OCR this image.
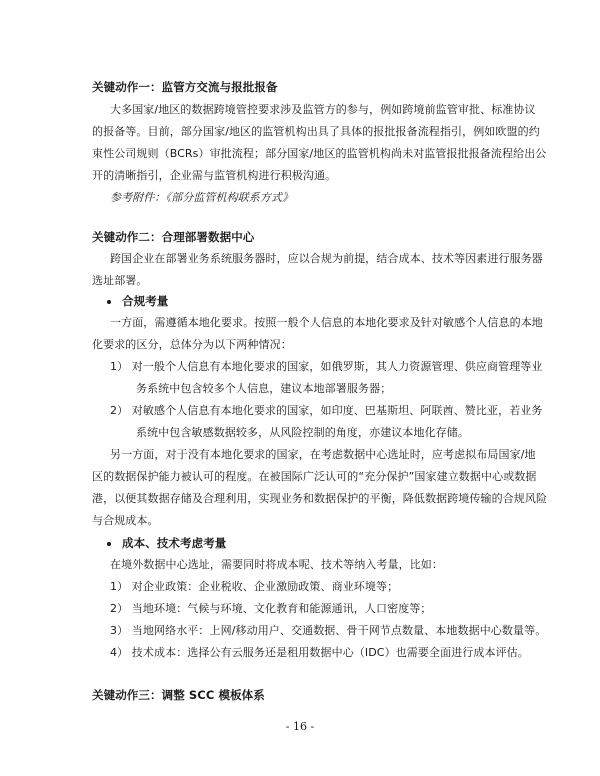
关键动作一：监管方交流与报批报备
大多国家/地区的数据跨境管控要求涉及监管方的参与，例如跨境前监管审批、标准协议
的报备等。目前，部分国家/地区的监管机构出具了具体的报批报备流程指引，例如欧盟的约
束性公司规则（BCRs）审批流程；部分国家/地区的监管机构尚未对监管报批报备流程给出公
开的清晰指引，企业需与监管机构进行积极沟通。
参考附件：《部分监管机构联系方式》
关键动作二：合理部署数据中心
跨国企业在部署业务系统服务器时，应以合规为前提，结合成本、技术等因素进行服务器
选址部署。
合规考量
一方面，需遵循本地化要求。按照一般个人信息的本地化要求及针对敏感个人信息的本地
化要求的区分，总体分为以下两种情况：
1） 对一般个人信息有本地化要求的国家，如俄罗斯，其人力资源管理、供应商管理等业
务系统中包含较多个人信息，建议本地部署服务器；
2） 对敏感个人信息有本地化要求的国家，如印度、巴基斯坦、阿联酋、赞比亚，若业务
系统中包含敏感数据较多，从风险控制的角度，亦建议本地化存储。
另一方面，对于没有本地化要求的国家，在考虑数据中心选址时，应考虑拟布局国家/地
区的数据保护能力被认可的程度。在被国际广泛认可的“充分保护”国家建立数据中心或数据
港，以便其数据存储及合理利用，实现业务和数据保护的平衡，降低数据跨境传输的合规风险
与合规成本。
成本、技术考虑考量
在境外数据中心选址，需要同时将成本呢、技术等纳入考量，比如：
1） 对企业政策：企业税收、企业激励政策、商业环境等；
2） 当地环境：气候与环境、文化教育和能源通讯，人口密度等；
3） 当地网络水平：上网/移动用户、交通数据、骨干网节点数量、本地数据中心数量等。
4） 技术成本：选择公有云服务还是租用数据中心（IDC）也需要全面进行成本评估。
关键动作三：调整 SCC 模板体系
- 16 -
